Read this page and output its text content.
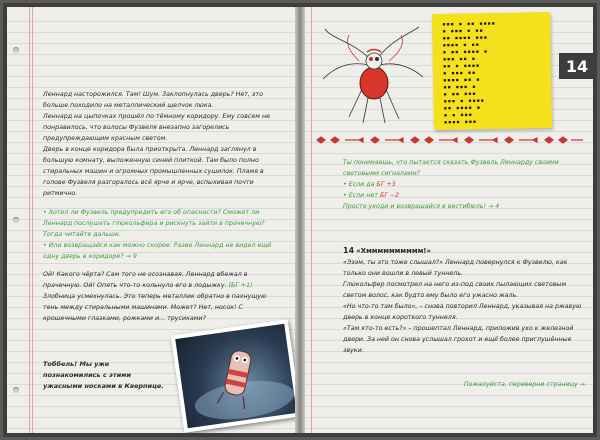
Леннард насторожился. Там! Шум. Заклопнулась дверь? Нет, это больше походило на металлический щелчок люка.

Леннард на цыпочках прошёл по тёмному коридору. Ему совсем не понравилось, что волосы Фузвеля внезапно загорелись предупреждающим красным светом.

Дверь в конце коридора была приоткрыта. Леннард заглянул в большую комнату, выложенную синей плиткой. Там было полно стиральных машин и огромных промышленных сушилок. Пламя в голове Фузвеля разгоралось всё ярче и ярче, вспыхивая почти ритмично.

• Хотел ли Фузвель предупредить его об опасности? Сможет ли Леннард послушать глюкольфера и рискнуть зайти в прачечную? Тогда читайте дальше.

• Или возвращайся как можно скорее. Разве Леннард не видел ещё одну дверь в коридоре? → 9

Ой! Какого чёрта? Сам того не осознавая, Леннард вбежал в прачечную. Ой! Опять что-то кольнуло его в лодыжку. (БГ +1) Злобница усмехнулась. Это теперь металлик обратно в пахнущую тень между стиральными машинами. Может? Нет, носок! С крошечными глазками, рожками и... трусиками?

Тоббель! Мы уже познакомились с этими ужасными носками в Кверпице.

▪▪▪ ▪ ▪▪ ▪▪▪▪
▪ ▪▪▪ ▪ ▪▪
▪▪ ▪▪▪▪ ▪▪▪
▪▪▪▪ ▪ ▪▪
▪ ▪▪ ▪▪▪▪ ▪
▪▪▪ ▪▪ ▪
▪▪ ▪ ▪▪▪▪
▪ ▪▪▪ ▪▪
▪▪▪▪ ▪▪ ▪
▪▪ ▪▪▪ ▪
▪ ▪▪ ▪▪▪
▪▪▪ ▪ ▪▪▪▪
▪▪ ▪▪▪▪ ▪
▪ ▪ ▪▪▪
▪▪▪▪ ▪▪▪
14

Ты понимаешь, что пытается сказать Фузвель Леннарду своими световыми сигналами?

• Если да БГ +3

• Если нет БГ −2

Просто уходи и возвращайся в вестибюль! → 4

14 «Хмммммммммм!»

«Эээм, ты это тоже слышал?» Леннард повернулся к Фузвелю, как только они вошли в левый туннель.

Глюкольфер посмотрел на него из-под своих пылающих световым светом волос, как будто ему было его ужасно жаль.

«Но что-то там было», – снова повторил Леннард, указывая на ржавую дверь в конце короткого туннеля.

«Там кто-то есть?» – прошептал Леннард, приложив ухо к железной двери. За ней он снова услышал грохот и ещё более приглушённые звуки.

Пожалуйста, переверни страницу →
